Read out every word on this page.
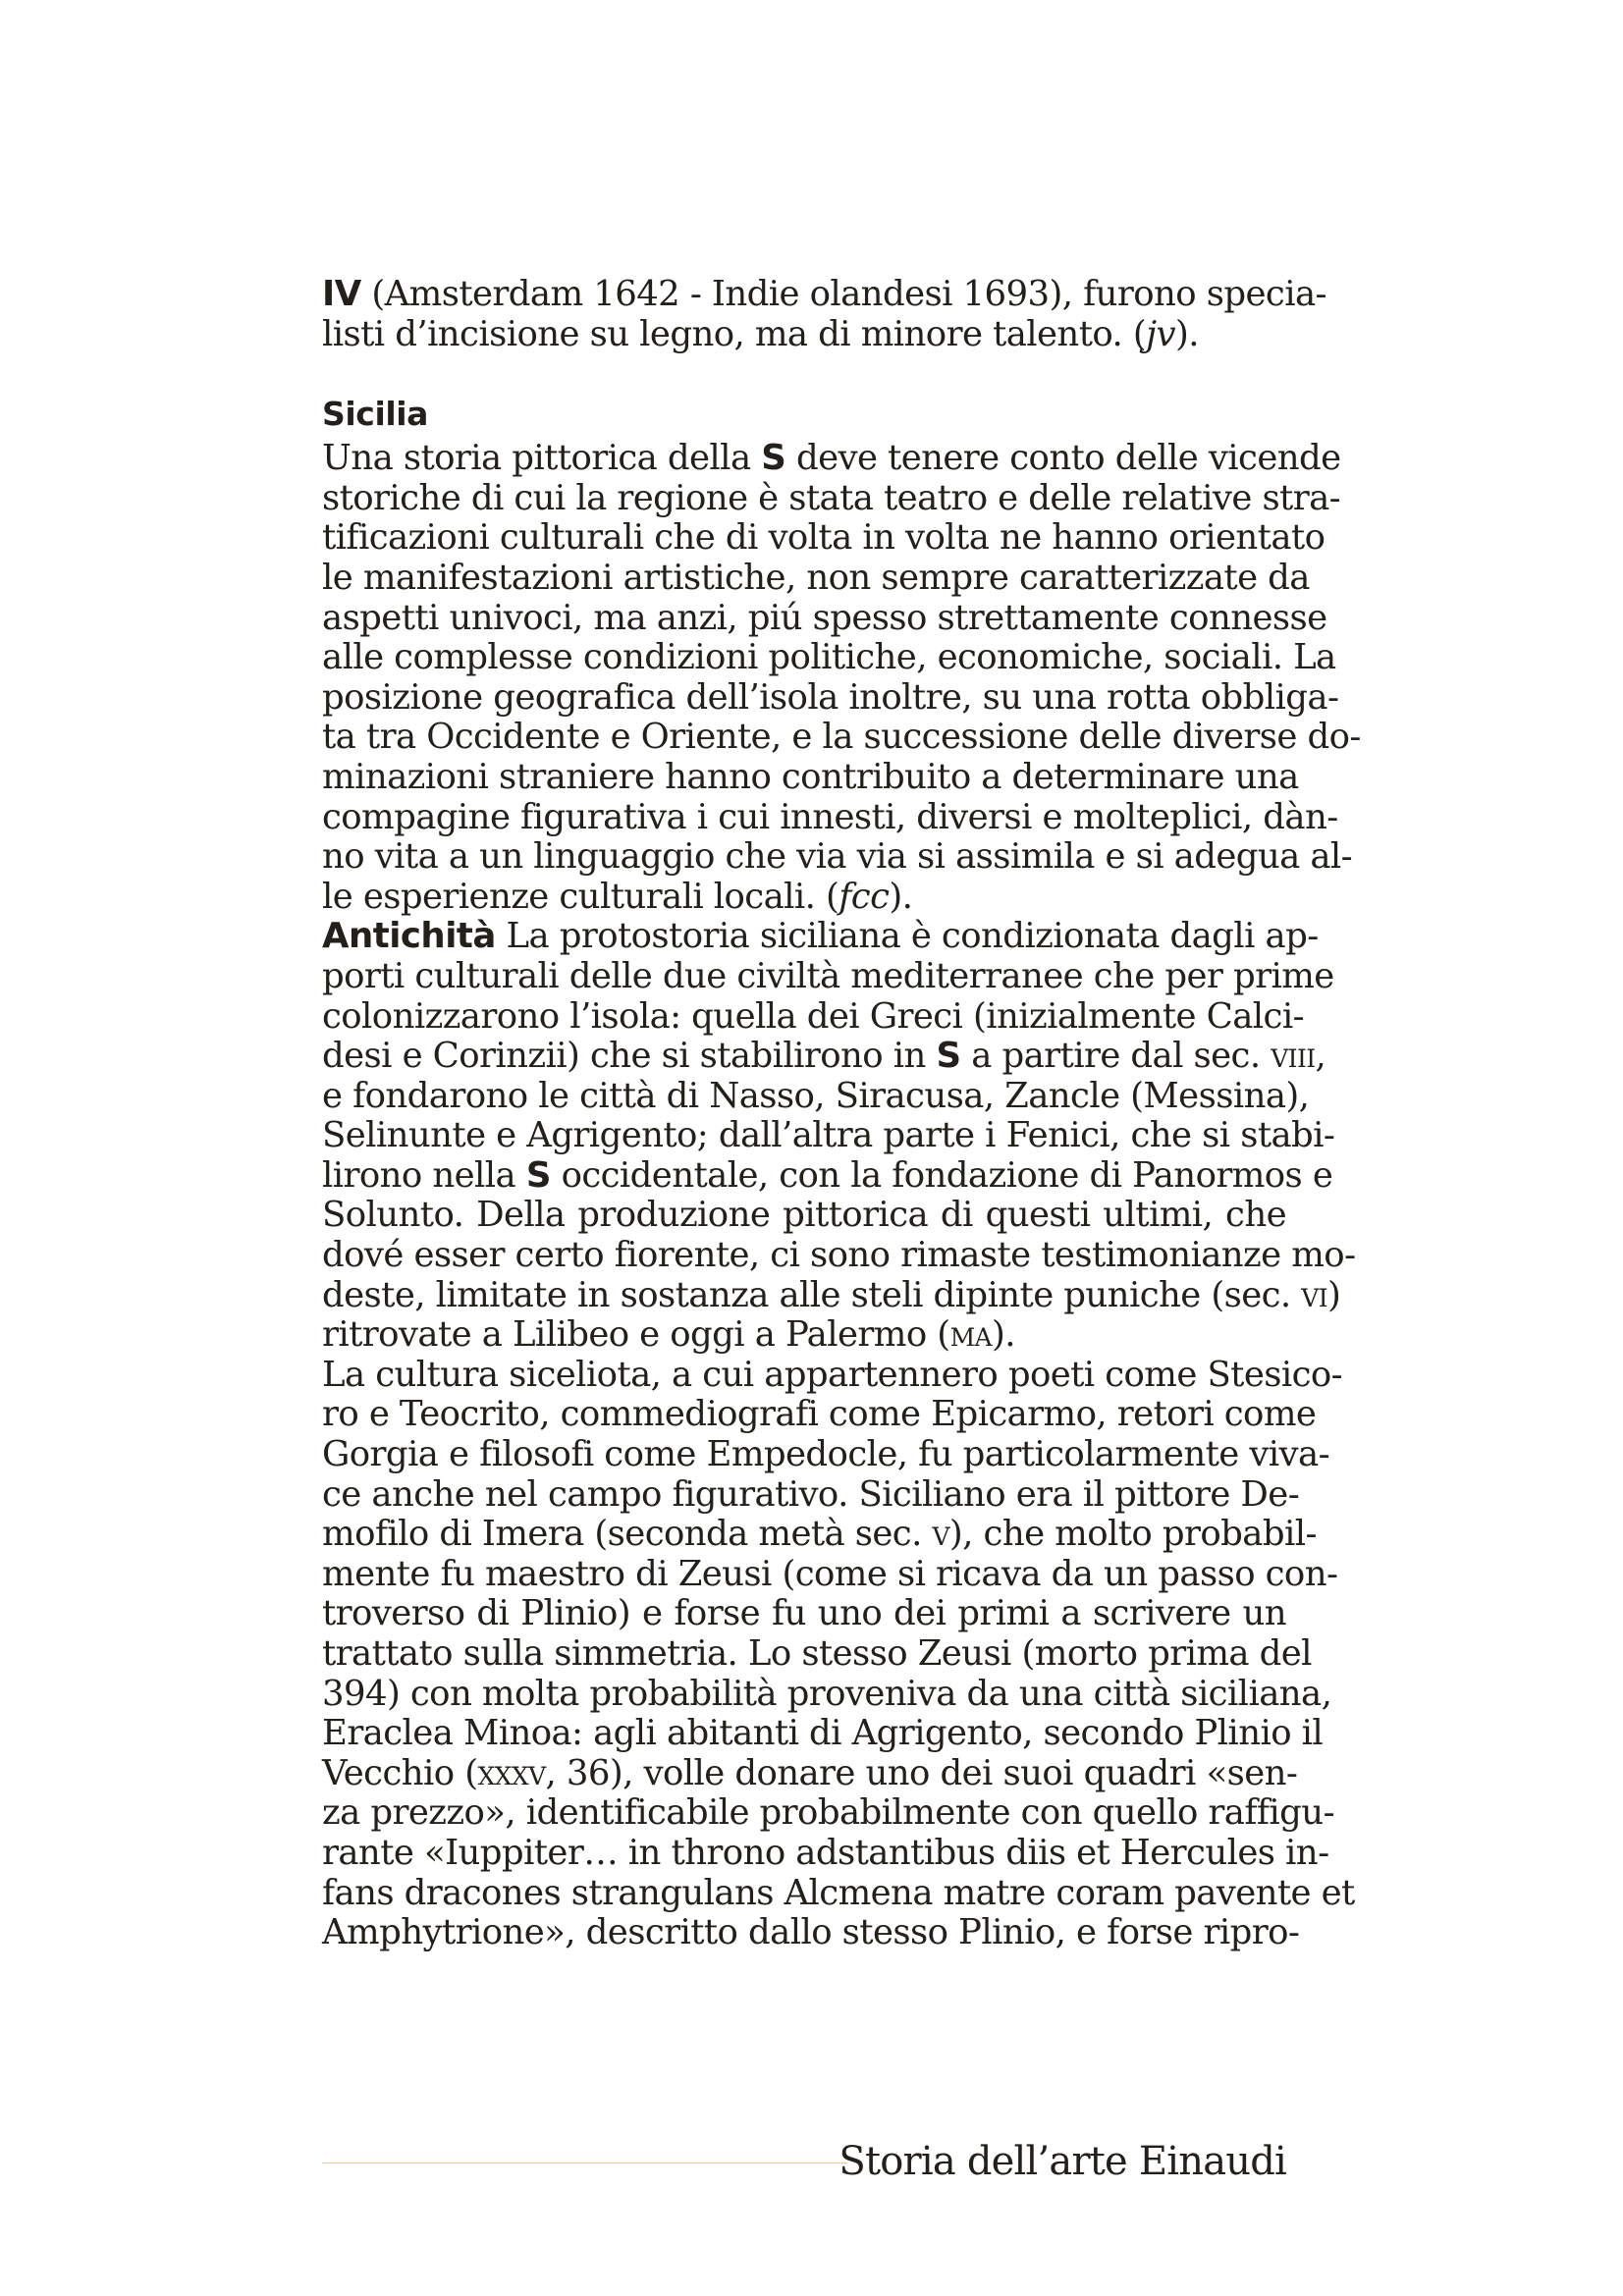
IV (Amsterdam 1642 - Indie olandesi 1693), furono specia-
listi d’incisione su legno, ma di minore talento. (jv).
Sicilia
Una storia pittorica della S deve tenere conto delle vicende
storiche di cui la regione è stata teatro e delle relative stra-
tificazioni culturali che di volta in volta ne hanno orientato
le manifestazioni artistiche, non sempre caratterizzate da
aspetti univoci, ma anzi, piú spesso strettamente connesse
alle complesse condizioni politiche, economiche, sociali. La
posizione geografica dell’isola inoltre, su una rotta obbliga-
ta tra Occidente e Oriente, e la successione delle diverse do-
minazioni straniere hanno contribuito a determinare una
compagine figurativa i cui innesti, diversi e molteplici, dàn-
no vita a un linguaggio che via via si assimila e si adegua al-
le esperienze culturali locali. (fcc).
Antichità La protostoria siciliana è condizionata dagli ap-
porti culturali delle due civiltà mediterranee che per prime
colonizzarono l’isola: quella dei Greci (inizialmente Calci-
desi e Corinzii) che si stabilirono in S a partire dal sec. viii,
e fondarono le città di Nasso, Siracusa, Zancle (Messina),
Selinunte e Agrigento; dall’altra parte i Fenici, che si stabi-
lirono nella S occidentale, con la fondazione di Panormos e
Solunto. Della produzione pittorica di questi ultimi, che
dové esser certo fiorente, ci sono rimaste testimonianze mo-
deste, limitate in sostanza alle steli dipinte puniche (sec. vi)
ritrovate a Lilibeo e oggi a Palermo (ma).
La cultura siceliota, a cui appartennero poeti come Stesico-
ro e Teocrito, commediografi come Epicarmo, retori come
Gorgia e filosofi come Empedocle, fu particolarmente viva-
ce anche nel campo figurativo. Siciliano era il pittore De-
mofilo di Imera (seconda metà sec. v), che molto probabil-
mente fu maestro di Zeusi (come si ricava da un passo con-
troverso di Plinio) e forse fu uno dei primi a scrivere un
trattato sulla simmetria. Lo stesso Zeusi (morto prima del
394) con molta probabilità proveniva da una città siciliana,
Eraclea Minoa: agli abitanti di Agrigento, secondo Plinio il
Vecchio (xxxv, 36), volle donare uno dei suoi quadri «sen-
za prezzo», identificabile probabilmente con quello raffigu-
rante «Iuppiter… in throno adstantibus diis et Hercules in-
fans dracones strangulans Alcmena matre coram pavente et
Amphytrione», descritto dallo stesso Plinio, e forse ripro-
Storia dell’arte Einaudi
